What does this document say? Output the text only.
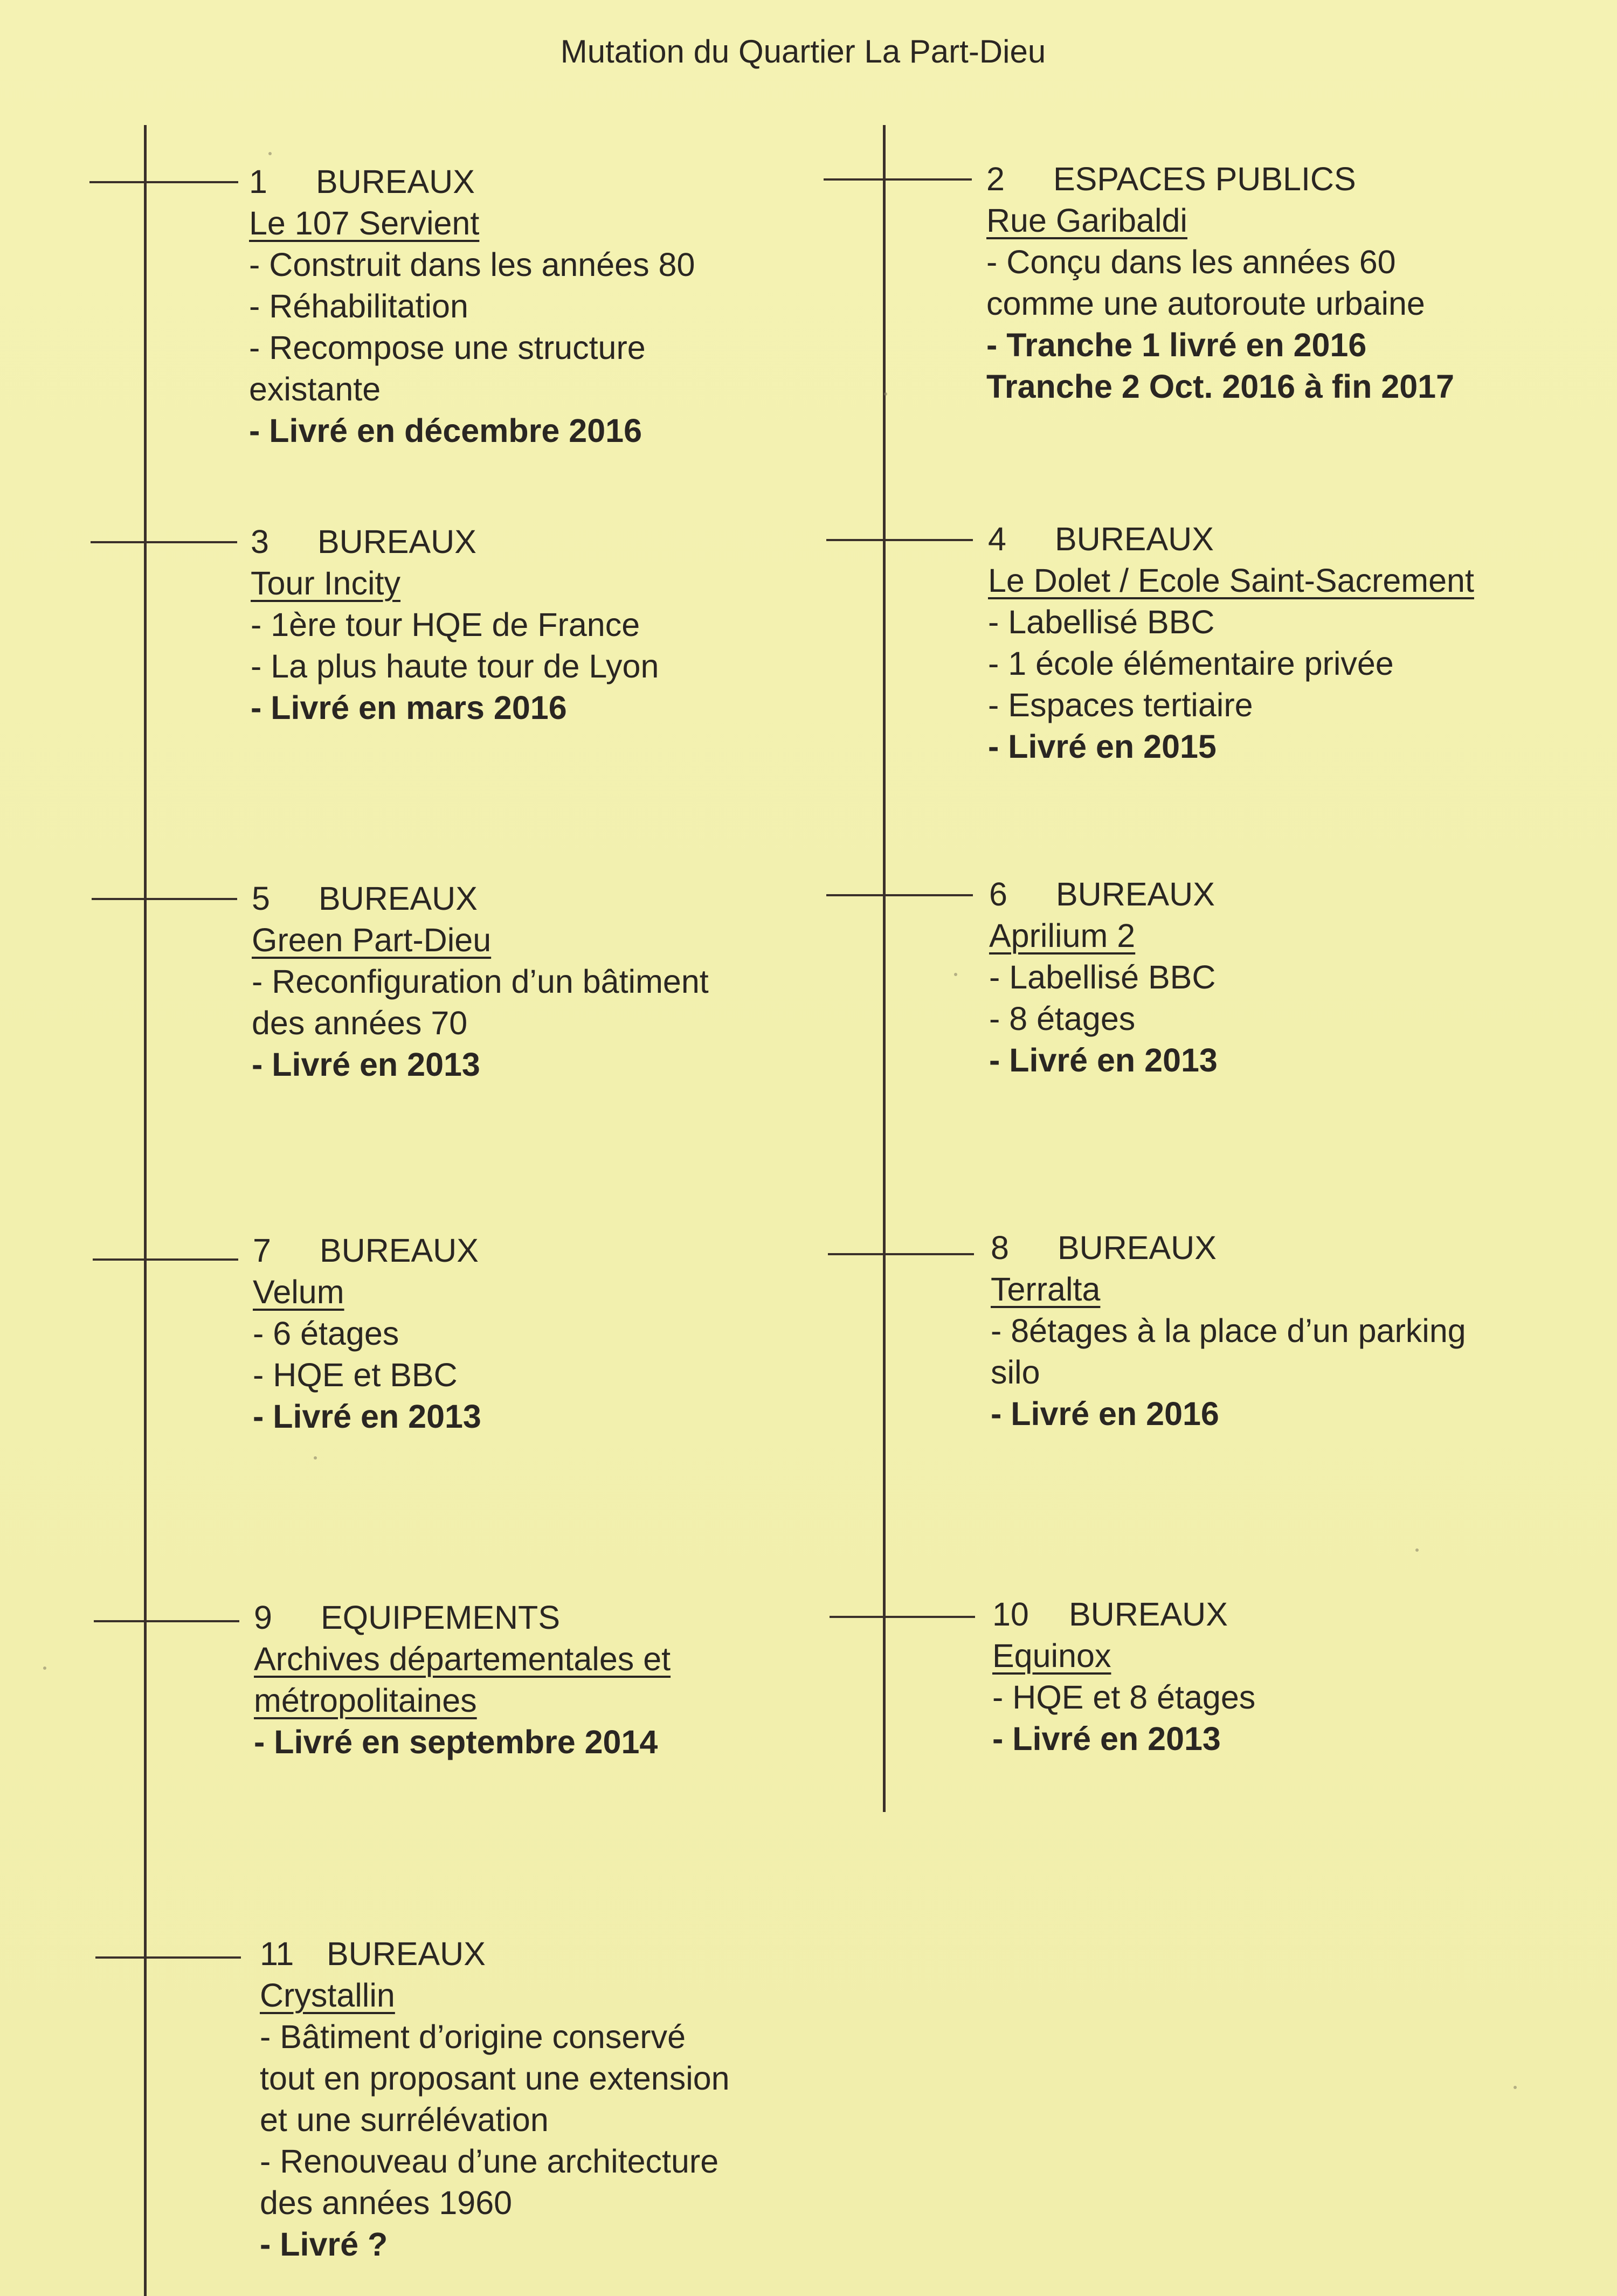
Mutation du Quartier La Part-Dieu
1 BUREAUX
Le 107 Servient
- Construit dans les années 80
- Réhabilitation
- Recompose une structure
existante
- Livré en décembre 2016
2 ESPACES PUBLICS
Rue Garibaldi
- Conçu dans les années 60
comme une autoroute urbaine
- Tranche 1 livré en 2016
Tranche 2 Oct. 2016 à fin 2017
3 BUREAUX
Tour Incity
- 1ère tour HQE de France
- La plus haute tour de Lyon
- Livré en mars 2016
4 BUREAUX
Le Dolet / Ecole Saint-Sacrement
- Labellisé BBC
- 1 école élémentaire privée
- Espaces tertiaire
- Livré en 2015
5 BUREAUX
Green Part-Dieu
- Reconfiguration d’un bâtiment
des années 70
- Livré en 2013
6 BUREAUX
Aprilium 2
- Labellisé BBC
- 8 étages
- Livré en 2013
7 BUREAUX
Velum
- 6 étages
- HQE et BBC
- Livré en 2013
8 BUREAUX
Terralta
- 8étages à la place d’un parking
silo
- Livré en 2016
9 EQUIPEMENTS
Archives départementales et
métropolitaines
- Livré en septembre 2014
10 BUREAUX
Equinox
- HQE et 8 étages
- Livré en 2013
11 BUREAUX
Crystallin
- Bâtiment d’origine conservé
tout en proposant une extension
et une surrélévation
- Renouveau d’une architecture
des années 1960
- Livré ?
